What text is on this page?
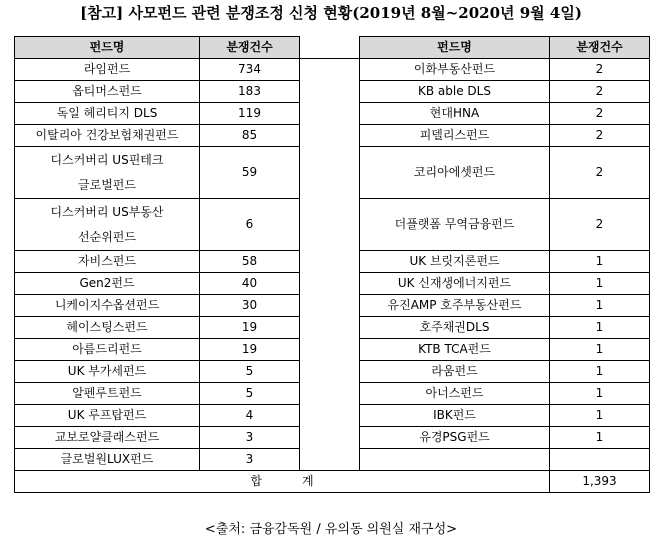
[참고] 사모펀드 관련 분쟁조정 신청 현황(2019년 8월~2020년 9월 4일)
펀드명	분쟁건수		펀드명	분쟁건수
라임펀드	734		이화부동산펀드	2
옵티머스펀드	183		KB able DLS	2
독일 헤리티지 DLS	119		현대HNA	2
이탈리아 건강보험채권펀드	85		피델리스펀드	2

디스커버리 US핀테크
글로벌펀드	59		코리아에셋펀드	2

디스커버리 US부동산
선순위펀드	6		더플랫폼 무역금융펀드	2
자비스펀드	58		UK 브릿지론펀드	1
Gen2펀드	40		UK 신재생에너지펀드	1
니케이지수옵션펀드	30		유진AMP 호주부동산펀드	1
헤이스팅스펀드	19		호주채권DLS	1
아름드리펀드	19		KTB TCA펀드	1
UK 부가세펀드	5		라움펀드	1
알펜루트펀드	5		아너스펀드	1
UK 루프탑펀드	4		IBK펀드	1
교보로얄클래스펀드	3		유경PSG펀드	1
글로벌원LUX펀드	3			
합계				1,393
<출처: 금융감독원 / 유의동 의원실 재구성>
